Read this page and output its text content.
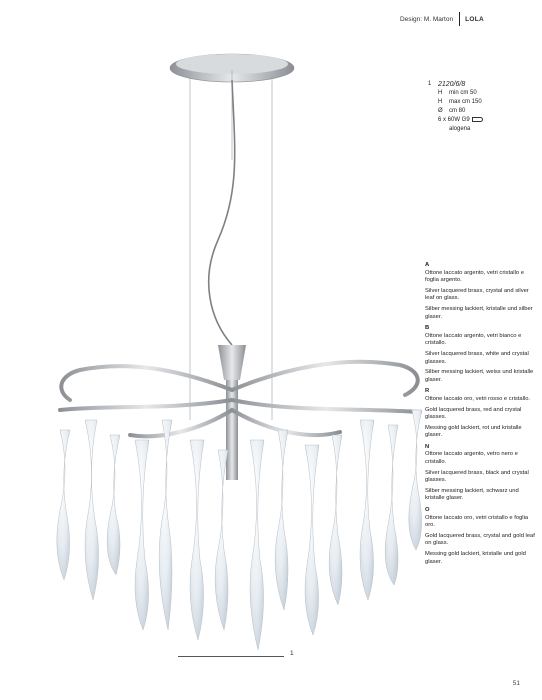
Design: M. Marton LOLA
1 2120/6/8
H	min cm 50
H	max cm 150
Ø	cm 80
6 x 60W G9
alogena
A

Ottone laccato argento, vetri cristallo e foglia argento.

Silver lacquered brass, crystal and silver leaf on glass.

Silber messing lackiert, kristalle und silber glaser.

B

Ottone laccato argento, vetri bianco e cristallo.

Silver lacquered brass, white and crystal glasses.

Silber messing lackiert, weiss und kristalle glaser.

R

Ottone laccato oro, vetri rosso e cristallo.

Gold lacquered brass, red and crystal glasses.

Messing gold lackiert, rot und kristalle glaser.

N

Ottone laccato argento, vetro nero e cristallo.

Silver lacquered brass, black and crystal glasses.

Silber messing lackiert, schwarz und kristalle glaser.

O

Ottone laccato oro, vetri cristallo e foglia oro.

Gold lacquered brass, crystal and gold leaf on glass.

Messing gold lackiert, kristalle und gold glaser.

1
51
